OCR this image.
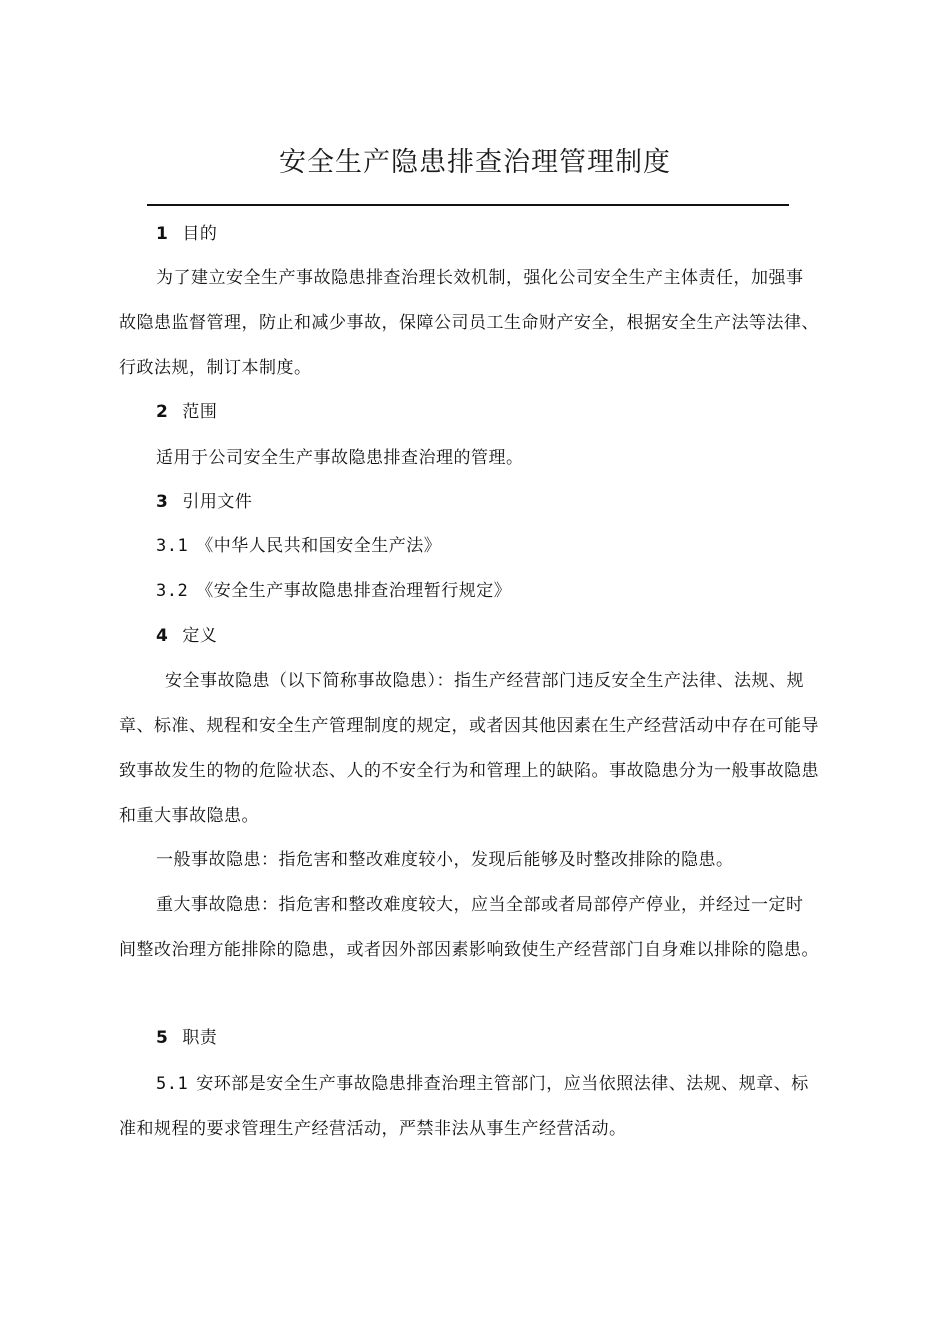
安全生产隐患排查治理管理制度

1 目的

为了建立安全生产事故隐患排查治理长效机制，强化公司安全生产主体责任，加强事故隐患监督管理，防止和减少事故，保障公司员工生命财产安全，根据安全生产法等法律、行政法规，制订本制度。

2 范围

适用于公司安全生产事故隐患排查治理的管理。

3 引用文件

3.1 《中华人民共和国安全生产法》

3.2 《安全生产事故隐患排查治理暂行规定》

4 定义

安全事故隐患（以下简称事故隐患）：指生产经营部门违反安全生产法律、法规、规章、标准、规程和安全生产管理制度的规定，或者因其他因素在生产经营活动中存在可能导致事故发生的物的危险状态、人的不安全行为和管理上的缺陷。事故隐患分为一般事故隐患和重大事故隐患。

一般事故隐患：指危害和整改难度较小，发现后能够及时整改排除的隐患。

重大事故隐患：指危害和整改难度较大，应当全部或者局部停产停业，并经过一定时间整改治理方能排除的隐患，或者因外部因素影响致使生产经营部门自身难以排除的隐患。

5 职责

5.1 安环部是安全生产事故隐患排查治理主管部门，应当依照法律、法规、规章、标准和规程的要求管理生产经营活动，严禁非法从事生产经营活动。
